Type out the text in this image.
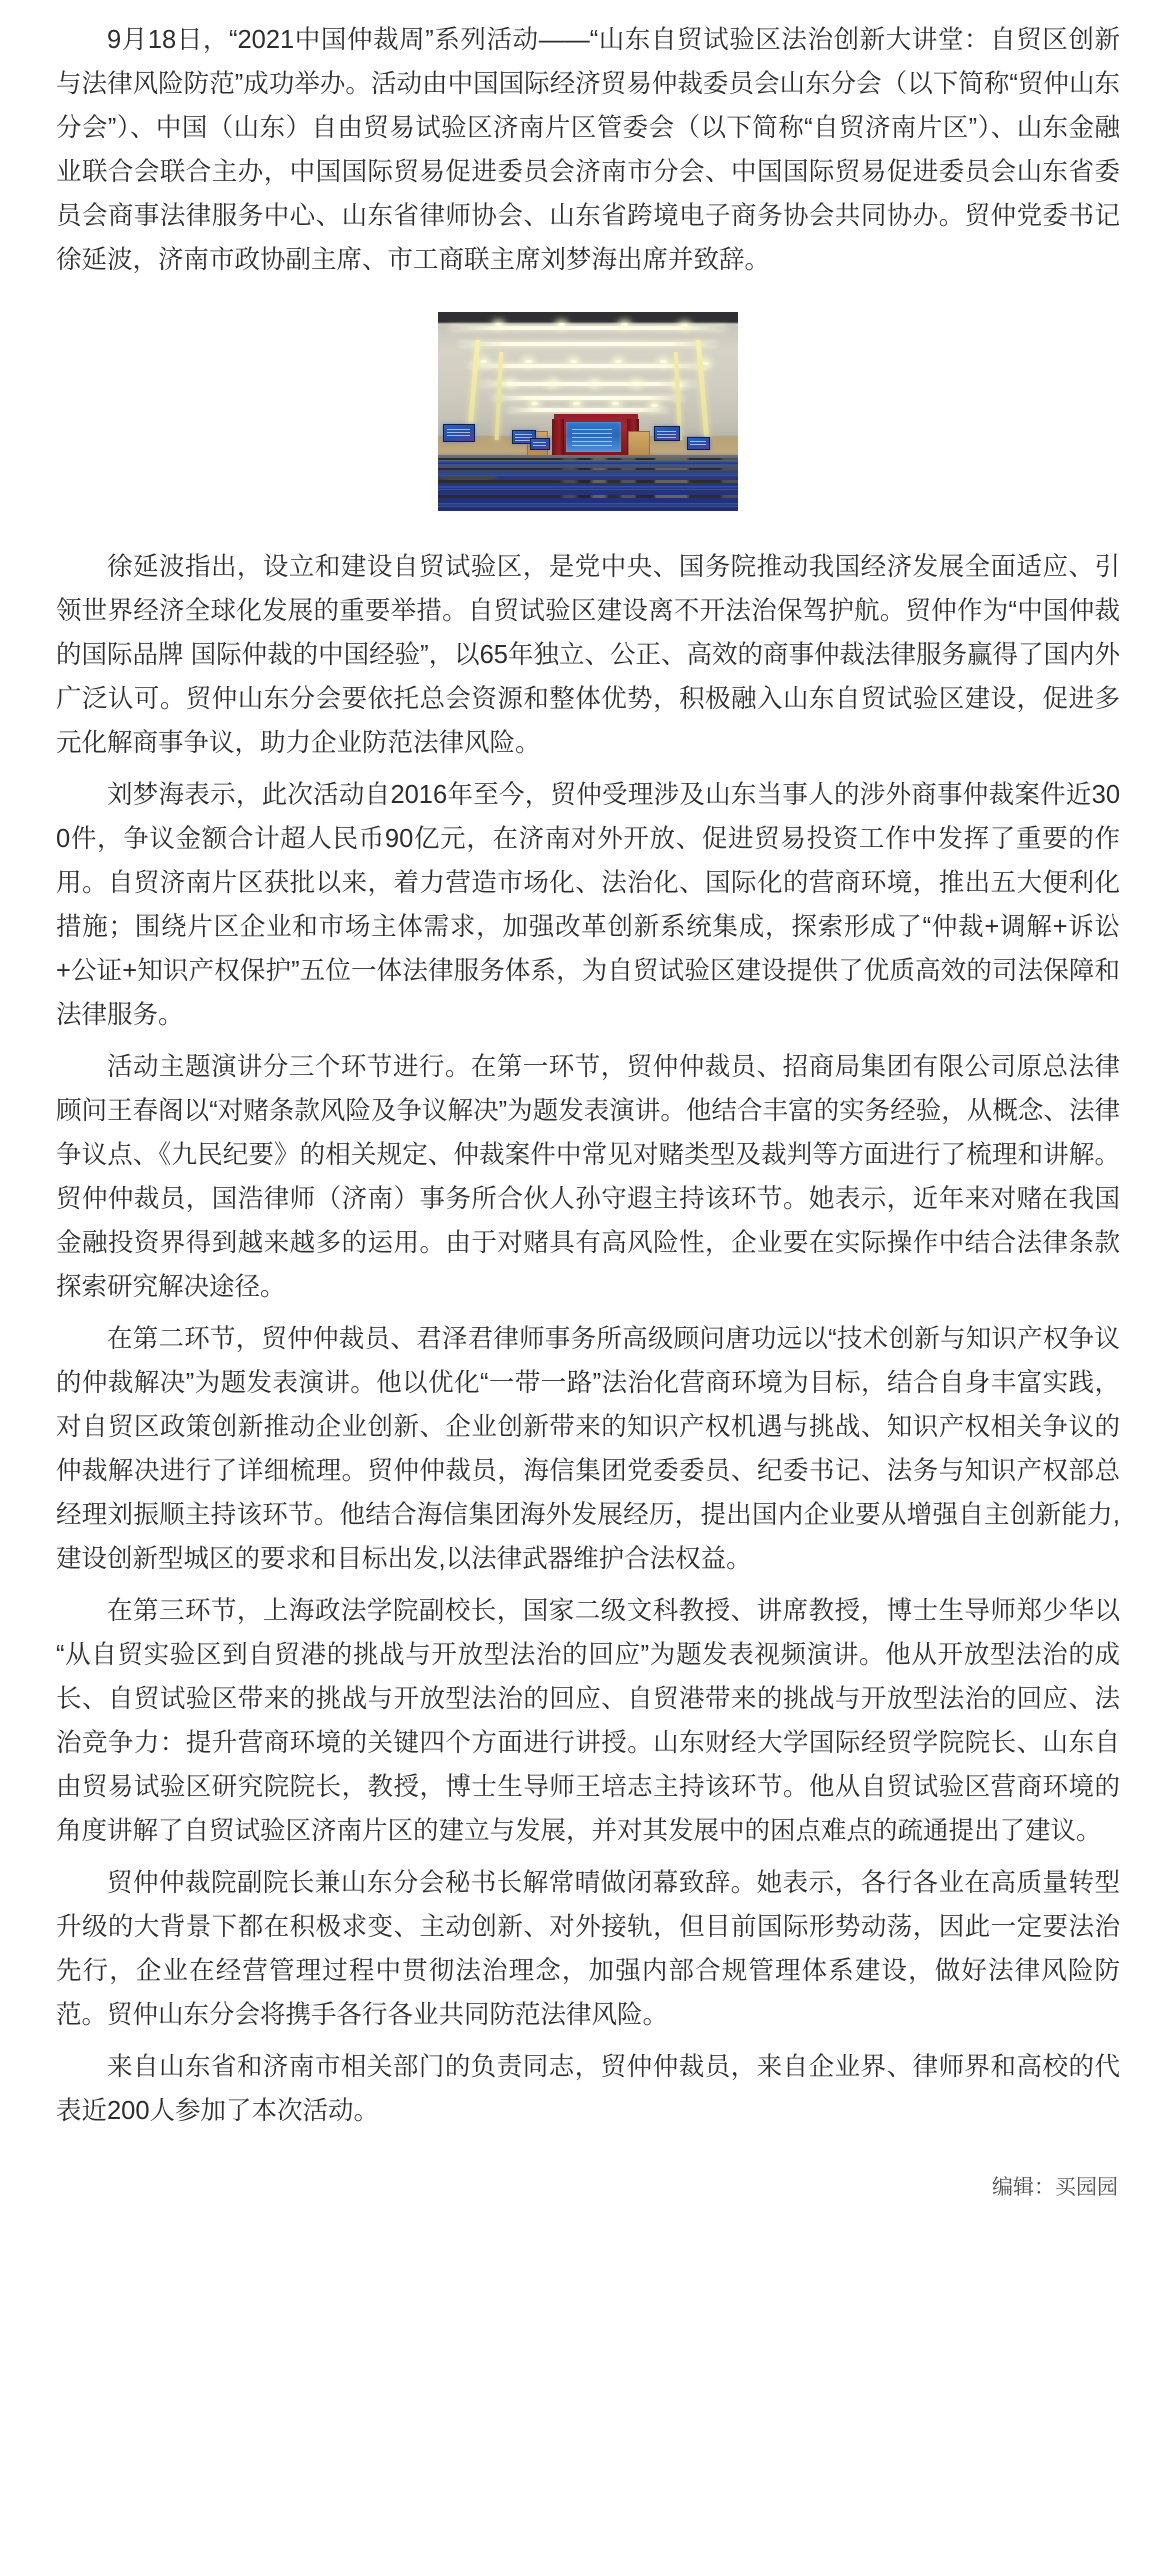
9月18日，“2021中国仲裁周”系列活动——“山东自贸试验区法治创新大讲堂：自贸区创新与法律风险防范”成功举办。活动由中国国际经济贸易仲裁委员会山东分会（以下简称“贸仲山东分会”）、中国（山东）自由贸易试验区济南片区管委会（以下简称“自贸济南片区”）、山东金融业联合会联合主办，中国国际贸易促进委员会济南市分会、中国国际贸易促进委员会山东省委员会商事法律服务中心、山东省律师协会、山东省跨境电子商务协会共同协办。贸仲党委书记徐延波，济南市政协副主席、市工商联主席刘梦海出席并致辞。

徐延波指出，设立和建设自贸试验区，是党中央、国务院推动我国经济发展全面适应、引领世界经济全球化发展的重要举措。自贸试验区建设离不开法治保驾护航。贸仲作为“中国仲裁的国际品牌 国际仲裁的中国经验”，以65年独立、公正、高效的商事仲裁法律服务赢得了国内外广泛认可。贸仲山东分会要依托总会资源和整体优势，积极融入山东自贸试验区建设，促进多元化解商事争议，助力企业防范法律风险。

刘梦海表示，此次活动自2016年至今，贸仲受理涉及山东当事人的涉外商事仲裁案件近300件，争议金额合计超人民币90亿元，在济南对外开放、促进贸易投资工作中发挥了重要的作用。自贸济南片区获批以来，着力营造市场化、法治化、国际化的营商环境，推出五大便利化措施；围绕片区企业和市场主体需求，加强改革创新系统集成，探索形成了“仲裁+调解+诉讼+公证+知识产权保护”五位一体法律服务体系，为自贸试验区建设提供了优质高效的司法保障和法律服务。

活动主题演讲分三个环节进行。在第一环节，贸仲仲裁员、招商局集团有限公司原总法律顾问王春阁以“对赌条款风险及争议解决”为题发表演讲。他结合丰富的实务经验，从概念、法律争议点、《九民纪要》的相关规定、仲裁案件中常见对赌类型及裁判等方面进行了梳理和讲解。贸仲仲裁员，国浩律师（济南）事务所合伙人孙守遐主持该环节。她表示，近年来对赌在我国金融投资界得到越来越多的运用。由于对赌具有高风险性，企业要在实际操作中结合法律条款探索研究解决途径。

在第二环节，贸仲仲裁员、君泽君律师事务所高级顾问唐功远以“技术创新与知识产权争议的仲裁解决”为题发表演讲。他以优化“一带一路”法治化营商环境为目标，结合自身丰富实践，对自贸区政策创新推动企业创新、企业创新带来的知识产权机遇与挑战、知识产权相关争议的仲裁解决进行了详细梳理。贸仲仲裁员，海信集团党委委员、纪委书记、法务与知识产权部总经理刘振顺主持该环节。他结合海信集团海外发展经历，提出国内企业要从增强自主创新能力,建设创新型城区的要求和目标出发,以法律武器维护合法权益。

在第三环节，上海政法学院副校长，国家二级文科教授、讲席教授，博士生导师郑少华以“从自贸实验区到自贸港的挑战与开放型法治的回应”为题发表视频演讲。他从开放型法治的成长、自贸试验区带来的挑战与开放型法治的回应、自贸港带来的挑战与开放型法治的回应、法治竞争力：提升营商环境的关键四个方面进行讲授。山东财经大学国际经贸学院院长、山东自由贸易试验区研究院院长，教授，博士生导师王培志主持该环节。他从自贸试验区营商环境的角度讲解了自贸试验区济南片区的建立与发展，并对其发展中的困点难点的疏通提出了建议。

贸仲仲裁院副院长兼山东分会秘书长解常晴做闭幕致辞。她表示，各行各业在高质量转型升级的大背景下都在积极求变、主动创新、对外接轨，但目前国际形势动荡，因此一定要法治先行，企业在经营管理过程中贯彻法治理念，加强内部合规管理体系建设，做好法律风险防范。贸仲山东分会将携手各行各业共同防范法律风险。

来自山东省和济南市相关部门的负责同志，贸仲仲裁员，来自企业界、律师界和高校的代表近200人参加了本次活动。

编辑：买园园
